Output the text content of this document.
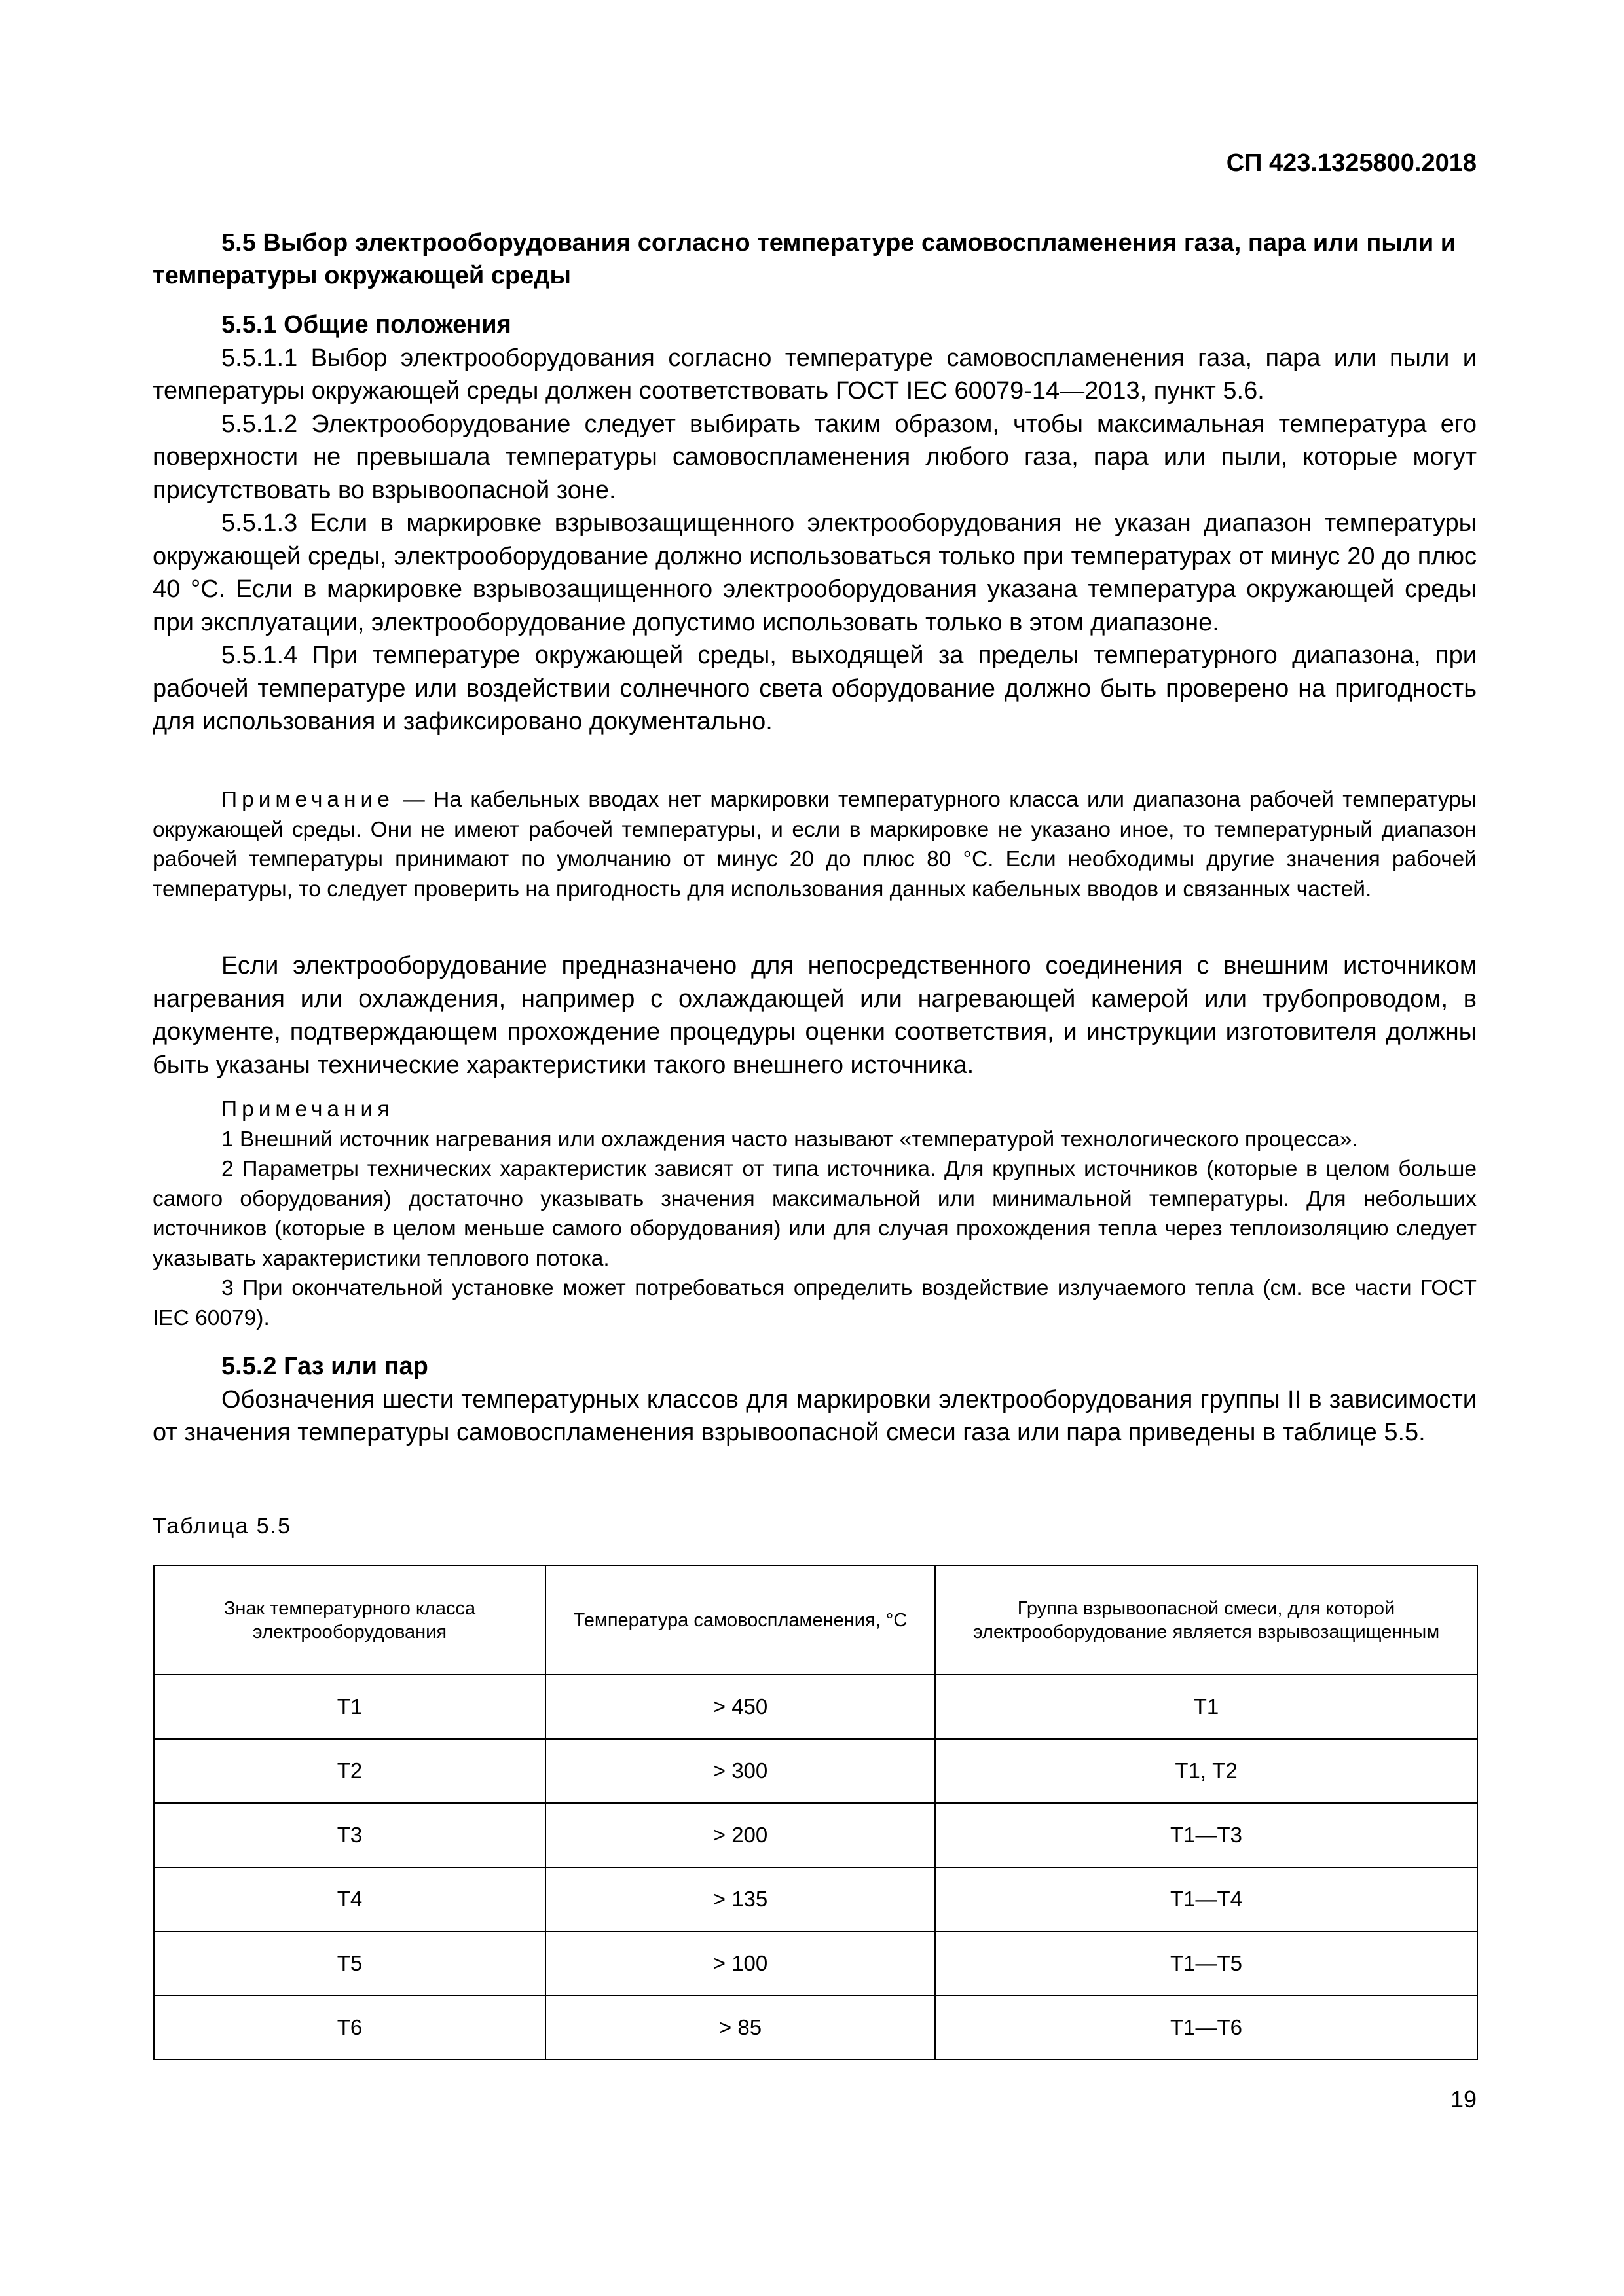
СП 423.1325800.2018

5.5 Выбор электрооборудования согласно температуре самовоспламенения газа, пара или пыли и температуры окружающей среды

5.5.1 Общие положения

5.5.1.1 Выбор электрооборудования согласно температуре самовоспламенения газа, пара или пыли и температуры окружающей среды должен соответствовать ГОСТ IEC 60079-14—2013, пункт 5.6.

5.5.1.2 Электрооборудование следует выбирать таким образом, чтобы максимальная температура его поверхности не превышала температуры самовоспламенения любого газа, пара или пыли, которые могут присутствовать во взрывоопасной зоне.

5.5.1.3 Если в маркировке взрывозащищенного электрооборудования не указан диапазон температуры окружающей среды, электрооборудование должно использоваться только при температурах от минус 20 до плюс 40 °С. Если в маркировке взрывозащищенного электрооборудования указана температура окружающей среды при эксплуатации, электрооборудование допустимо использовать только в этом диапазоне.

5.5.1.4 При температуре окружающей среды, выходящей за пределы температурного диапазона, при рабочей температуре или воздействии солнечного света оборудование должно быть проверено на пригодность для использования и зафиксировано документально.

Примечание — На кабельных вводах нет маркировки температурного класса или диапазона рабочей температуры окружающей среды. Они не имеют рабочей температуры, и если в маркировке не указано иное, то температурный диапазон рабочей температуры принимают по умолчанию от минус 20 до плюс 80 °С. Если необходимы другие значения рабочей температуры, то следует проверить на пригодность для использования данных кабельных вводов и связанных частей.

Если электрооборудование предназначено для непосредственного соединения с внешним источником нагревания или охлаждения, например с охлаждающей или нагревающей камерой или трубопроводом, в документе, подтверждающем прохождение процедуры оценки соответствия, и инструкции изготовителя должны быть указаны технические характеристики такого внешнего источника.

Примечания

1 Внешний источник нагревания или охлаждения часто называют «температурой технологического процесса».

2 Параметры технических характеристик зависят от типа источника. Для крупных источников (которые в целом больше самого оборудования) достаточно указывать значения максимальной или минимальной температуры. Для небольших источников (которые в целом меньше самого оборудования) или для случая прохождения тепла через теплоизоляцию следует указывать характеристики теплового потока.

3 При окончательной установке может потребоваться определить воздействие излучаемого тепла (см. все части ГОСТ IEC 60079).

5.5.2 Газ или пар

Обозначения шести температурных классов для маркировки электрооборудования группы II в зависимости от значения температуры самовоспламенения взрывоопасной смеси газа или пара приведены в таблице 5.5.

Таблица 5.5
Знак температурного класса электрооборудования	Температура самовоспламенения, °С	Группа взрывоопасной смеси, для которой электрооборудование является взрывозащищенным
Т1	> 450	Т1
Т2	> 300	Т1, Т2
Т3	> 200	Т1—Т3
Т4	> 135	Т1—Т4
Т5	> 100	Т1—Т5
Т6	> 85	Т1—Т6
19
